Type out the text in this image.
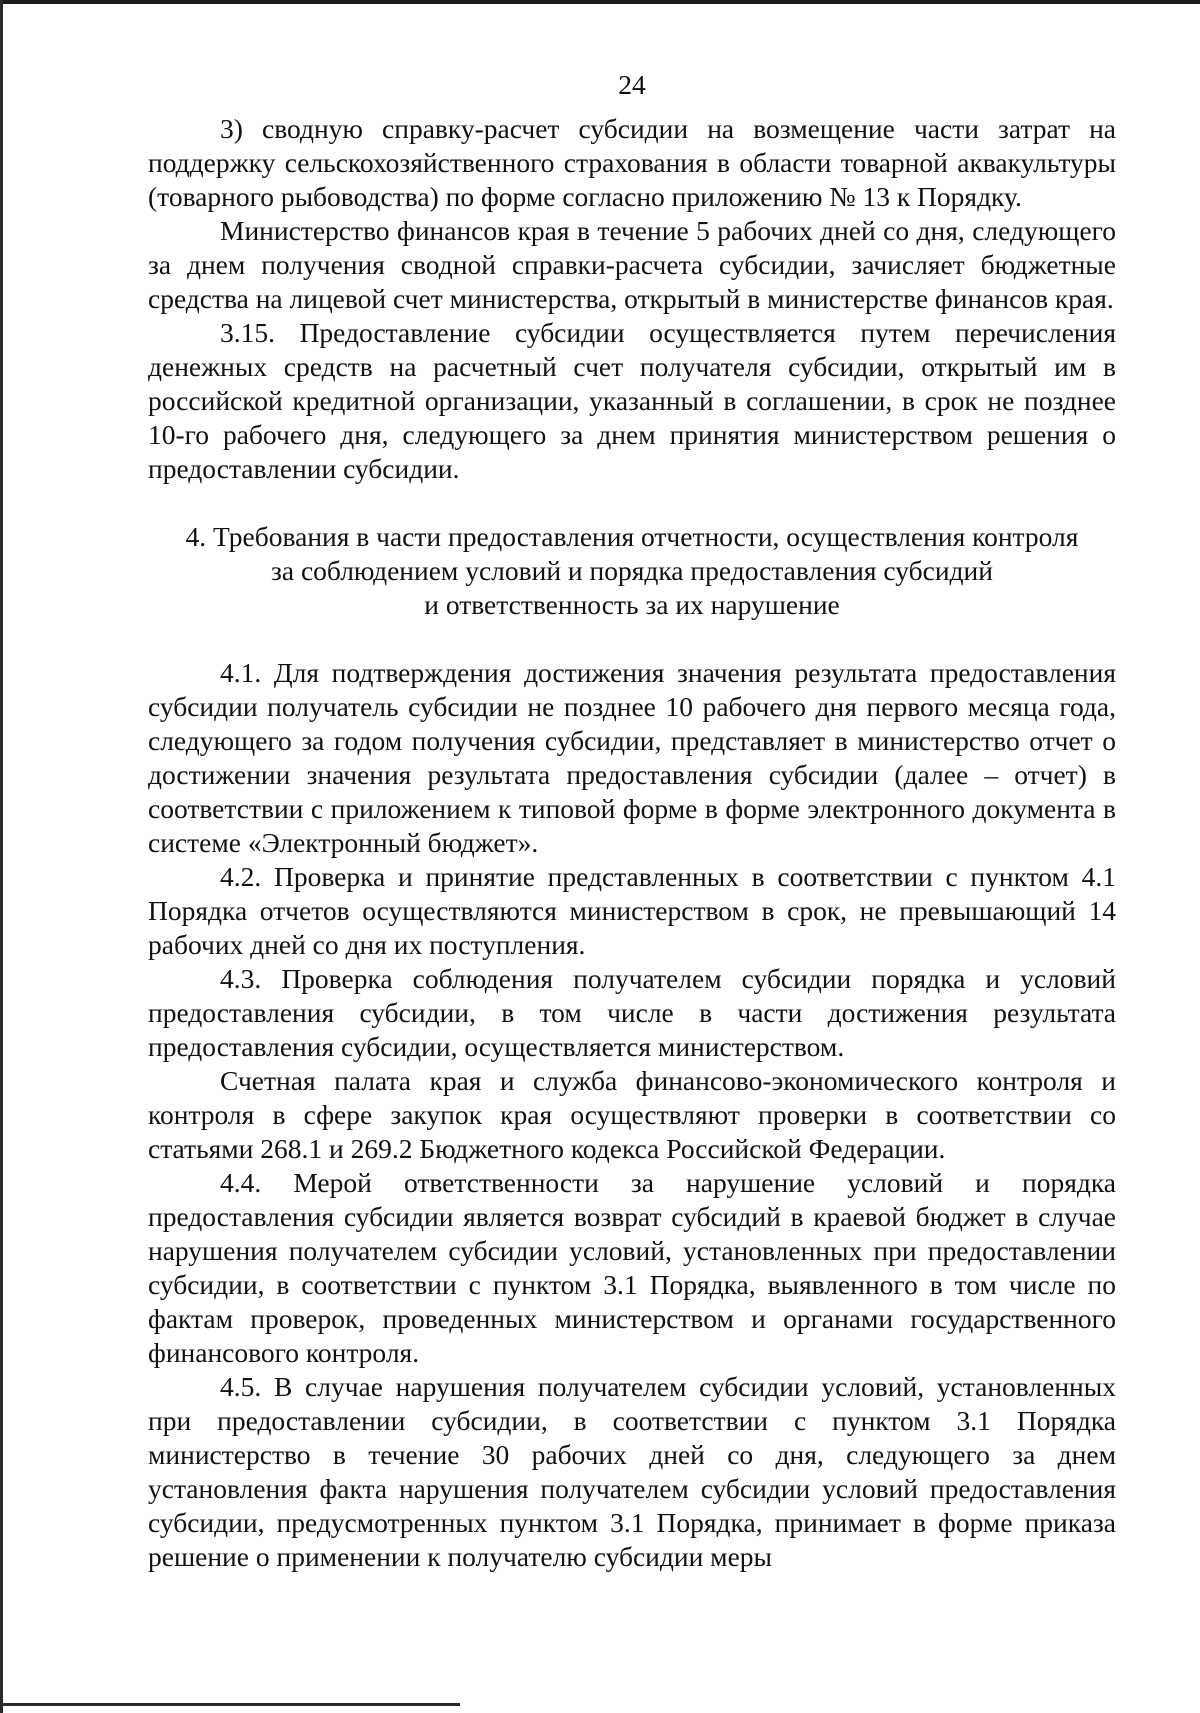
24

3) сводную справку-расчет субсидии на возмещение части затрат на поддержку сельскохозяйственного страхования в области товарной аквакультуры (товарного рыбоводства) по форме согласно приложению № 13 к Порядку.

Министерство финансов края в течение 5 рабочих дней со дня, следующего за днем получения сводной справки-расчета субсидии, зачисляет бюджетные средства на лицевой счет министерства, открытый в министерстве финансов края.

3.15. Предоставление субсидии осуществляется путем перечисления денежных средств на расчетный счет получателя субсидии, открытый им в российской кредитной организации, указанный в соглашении, в срок не позднее 10-го рабочего дня, следующего за днем принятия министерством решения о предоставлении субсидии.

4. Требования в части предоставления отчетности, осуществления контроля
за соблюдением условий и порядка предоставления субсидий
и ответственность за их нарушение

4.1. Для подтверждения достижения значения результата предоставления субсидии получатель субсидии не позднее 10 рабочего дня первого месяца года, следующего за годом получения субсидии, представляет в министерство отчет о достижении значения результата предоставления субсидии (далее – отчет) в соответствии с приложением к типовой форме в форме электронного документа в системе «Электронный бюджет».

4.2. Проверка и принятие представленных в соответствии с пунктом 4.1 Порядка отчетов осуществляются министерством в срок, не превышающий 14 рабочих дней со дня их поступления.

4.3. Проверка соблюдения получателем субсидии порядка и условий предоставления субсидии, в том числе в части достижения результата предоставления субсидии, осуществляется министерством.

Счетная палата края и служба финансово-экономического контроля и контроля в сфере закупок края осуществляют проверки в соответствии со статьями 268.1 и 269.2 Бюджетного кодекса Российской Федерации.

4.4. Мерой ответственности за нарушение условий и порядка предоставления субсидии является возврат субсидий в краевой бюджет в случае нарушения получателем субсидии условий, установленных при предоставлении субсидии, в соответствии с пунктом 3.1 Порядка, выявленного в том числе по фактам проверок, проведенных министерством и органами государственного финансового контроля.

4.5. В случае нарушения получателем субсидии условий, установленных при предоставлении субсидии, в соответствии с пунктом 3.1 Порядка министерство в течение 30 рабочих дней со дня, следующего за днем установления факта нарушения получателем субсидии условий предоставления субсидии, предусмотренных пунктом 3.1 Порядка, принимает в форме приказа решение о применении к получателю субсидии меры
